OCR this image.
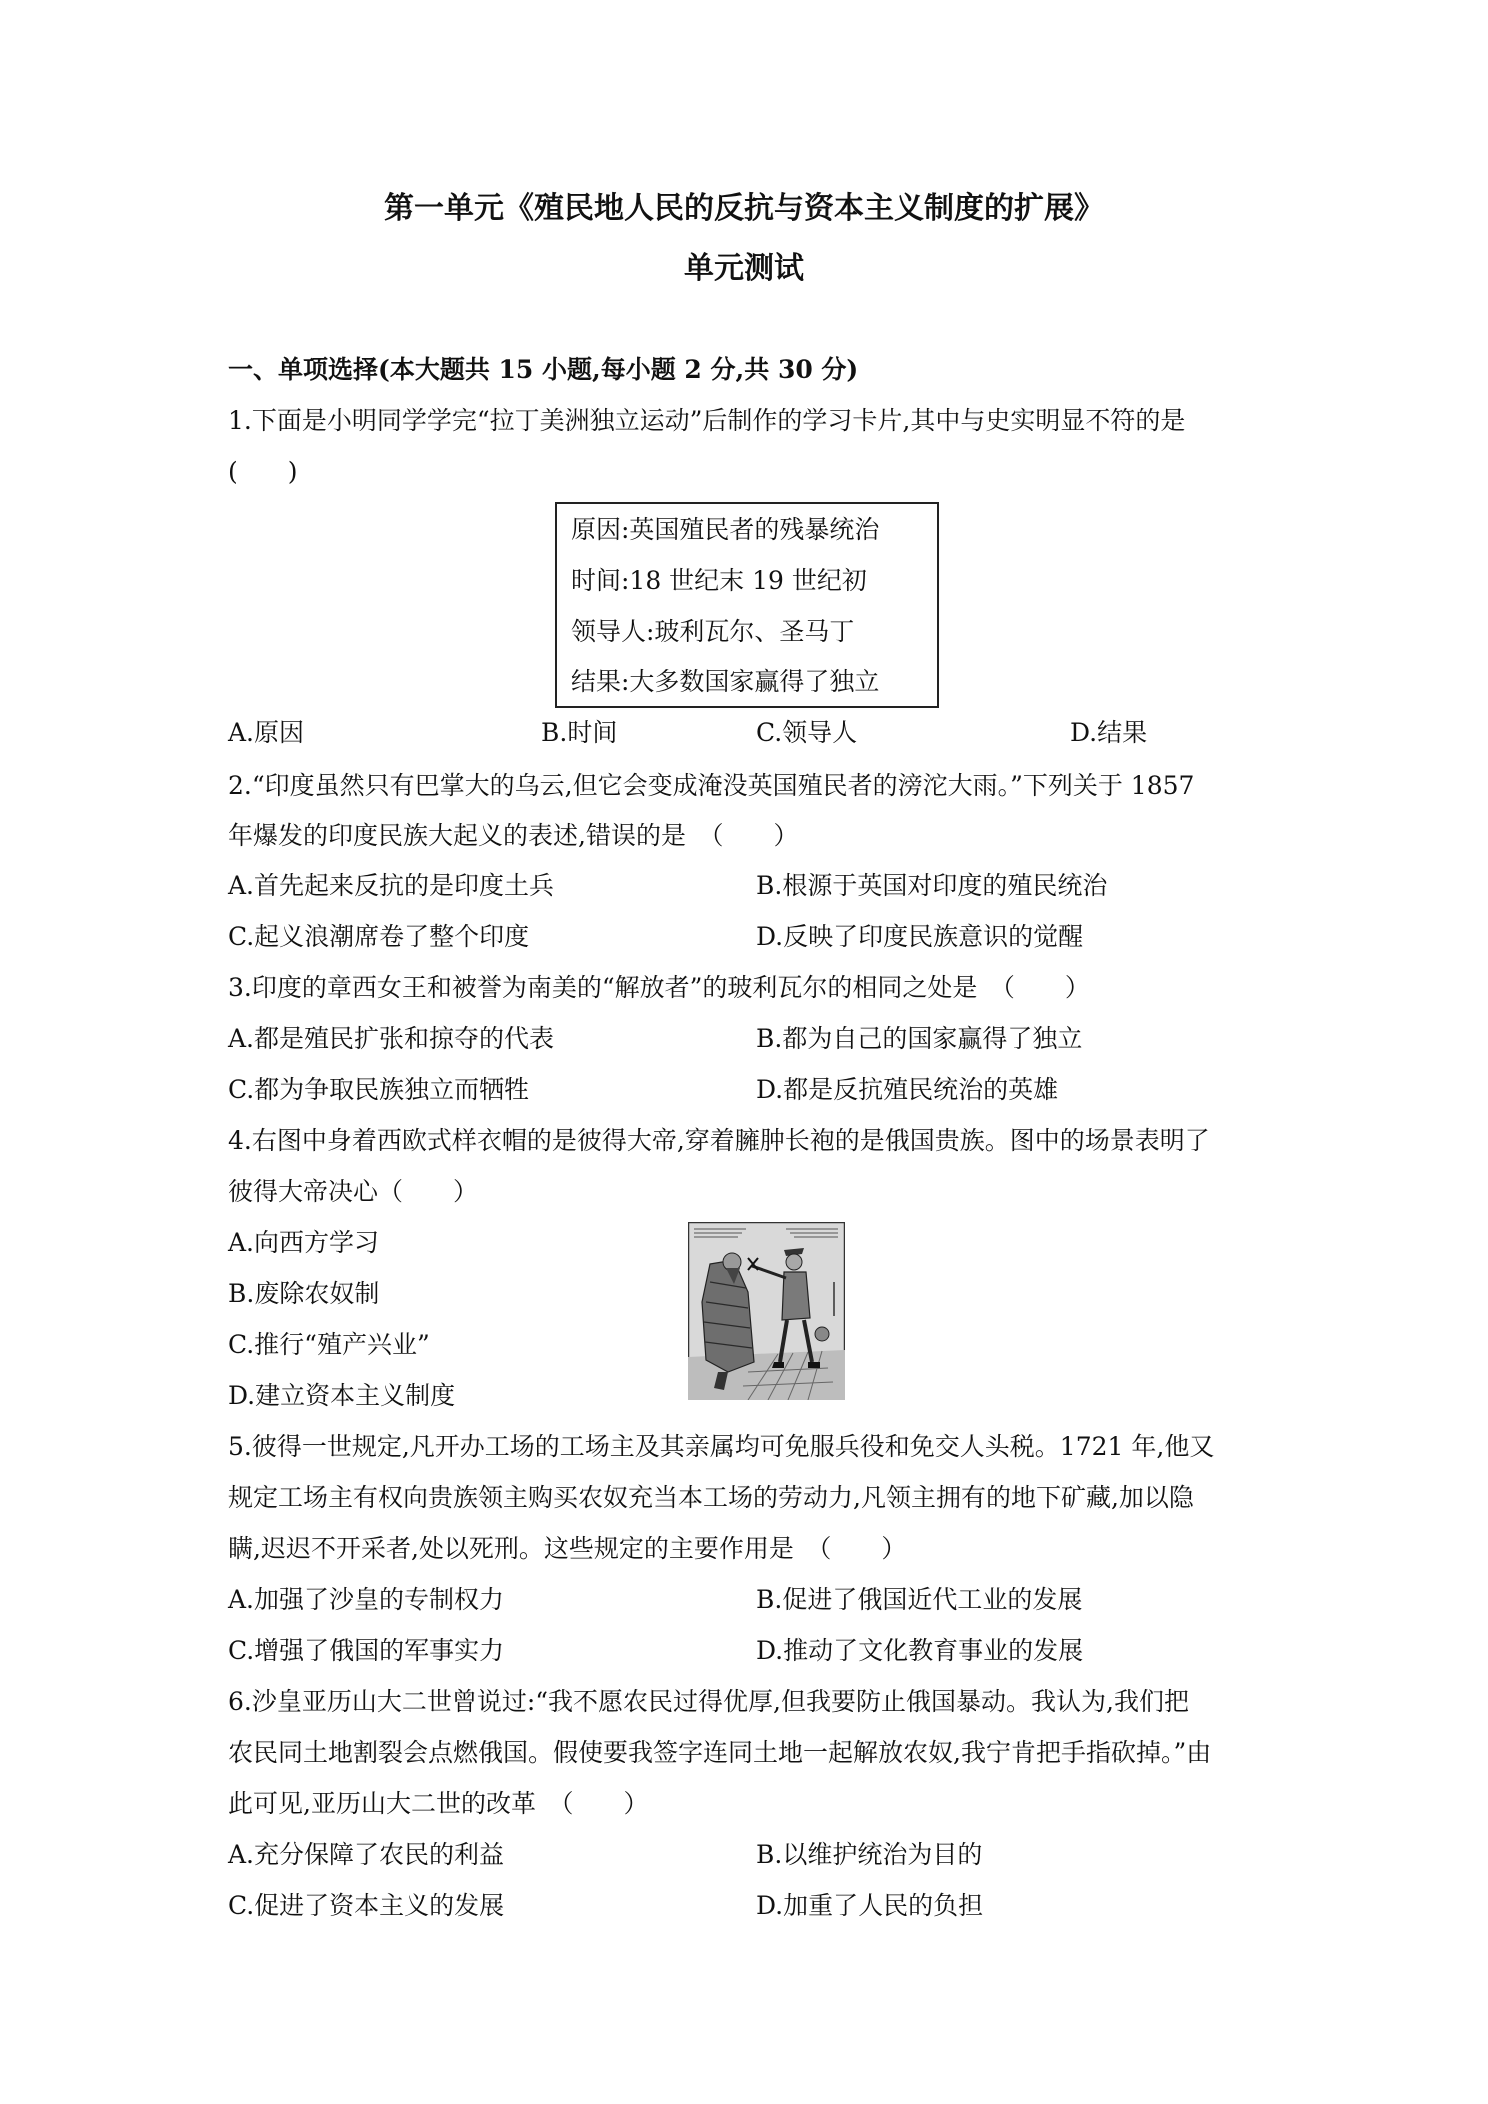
第一单元《殖民地人民的反抗与资本主义制度的扩展》
单元测试
一、单项选择(本大题共 15 小题,每小题 2 分,共 30 分)
1.下面是小明同学学完“拉丁美洲独立运动”后制作的学习卡片,其中与史实明显不符的是
(　　)
原因:英国殖民者的残暴统治
时间:18 世纪末 19 世纪初
领导人:玻利瓦尔、圣马丁
结果:大多数国家赢得了独立
A.原因	B.时间	C.领导人	D.结果
2.“印度虽然只有巴掌大的乌云,但它会变成淹没英国殖民者的滂沱大雨。”下列关于 1857
年爆发的印度民族大起义的表述,错误的是　（　　）
A.首先起来反抗的是印度土兵	B.根源于英国对印度的殖民统治
C.起义浪潮席卷了整个印度	D.反映了印度民族意识的觉醒
3.印度的章西女王和被誉为南美的“解放者”的玻利瓦尔的相同之处是　（　　）
A.都是殖民扩张和掠夺的代表	B.都为自己的国家赢得了独立
C.都为争取民族独立而牺牲	D.都是反抗殖民统治的英雄
4.右图中身着西欧式样衣帽的是彼得大帝,穿着臃肿长袍的是俄国贵族。图中的场景表明了
彼得大帝决心（　　）
A.向西方学习
B.废除农奴制
C.推行“殖产兴业”
D.建立资本主义制度
5.彼得一世规定,凡开办工场的工场主及其亲属均可免服兵役和免交人头税。1721 年,他又
规定工场主有权向贵族领主购买农奴充当本工场的劳动力,凡领主拥有的地下矿藏,加以隐
瞒,迟迟不开采者,处以死刑。这些规定的主要作用是　（　　）
A.加强了沙皇的专制权力	B.促进了俄国近代工业的发展
C.增强了俄国的军事实力	D.推动了文化教育事业的发展
6.沙皇亚历山大二世曾说过:“我不愿农民过得优厚,但我要防止俄国暴动。我认为,我们把
农民同土地割裂会点燃俄国。假使要我签字连同土地一起解放农奴,我宁肯把手指砍掉。”由
此可见,亚历山大二世的改革　（　　）
A.充分保障了农民的利益	B.以维护统治为目的
C.促进了资本主义的发展	D.加重了人民的负担
